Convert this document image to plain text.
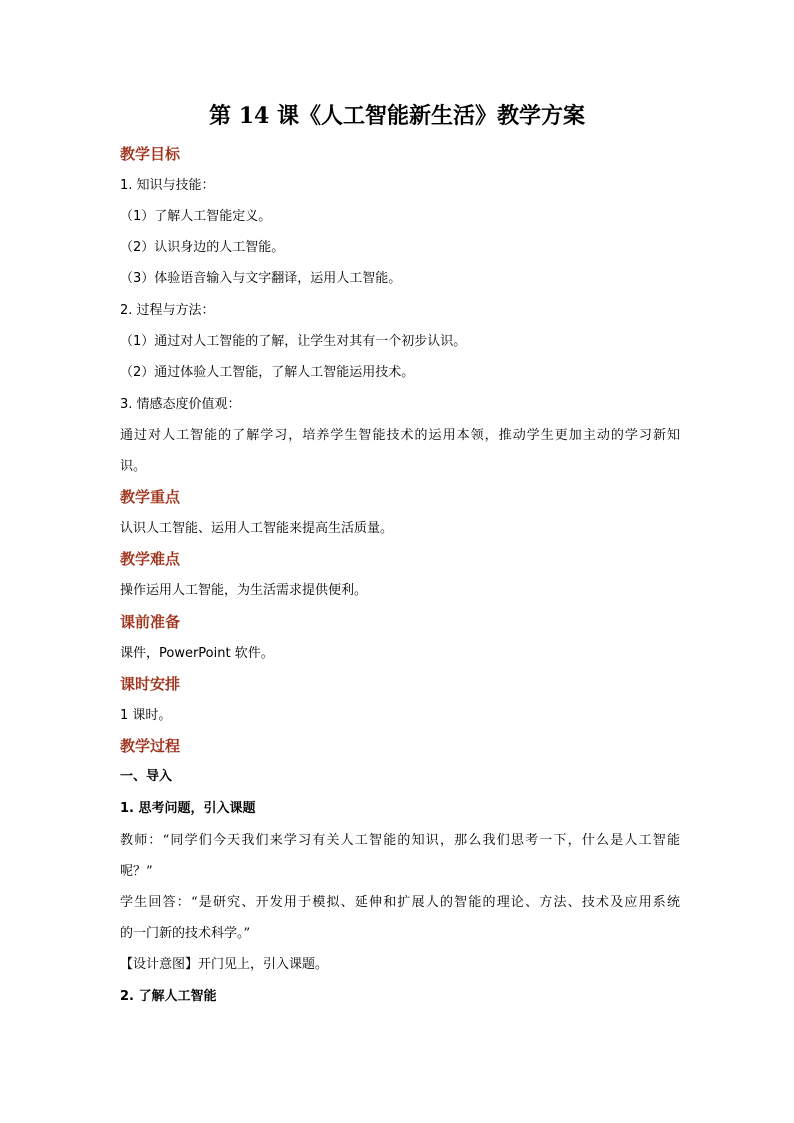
第 14 课《人工智能新生活》教学方案
教学目标
1. 知识与技能：
（1）了解人工智能定义。
（2）认识身边的人工智能。
（3）体验语音输入与文字翻译，运用人工智能。
2. 过程与方法：
（1）通过对人工智能的了解，让学生对其有一个初步认识。
（2）通过体验人工智能，了解人工智能运用技术。
3. 情感态度价值观：
通过对人工智能的了解学习，培养学生智能技术的运用本领，推动学生更加主动的学习新知
识。
教学重点
认识人工智能、运用人工智能来提高生活质量。
教学难点
操作运用人工智能，为生活需求提供便利。
课前准备
课件，PowerPoint 软件。
课时安排
1 课时。
教学过程
一、导入
1. 思考问题，引入课题
教师：“同学们今天我们来学习有关人工智能的知识，那么我们思考一下，什么是人工智能
呢？”
学生回答：“是研究、开发用于模拟、延伸和扩展人的智能的理论、方法、技术及应用系统
的一门新的技术科学。”
【设计意图】开门见上，引入课题。
2. 了解人工智能
